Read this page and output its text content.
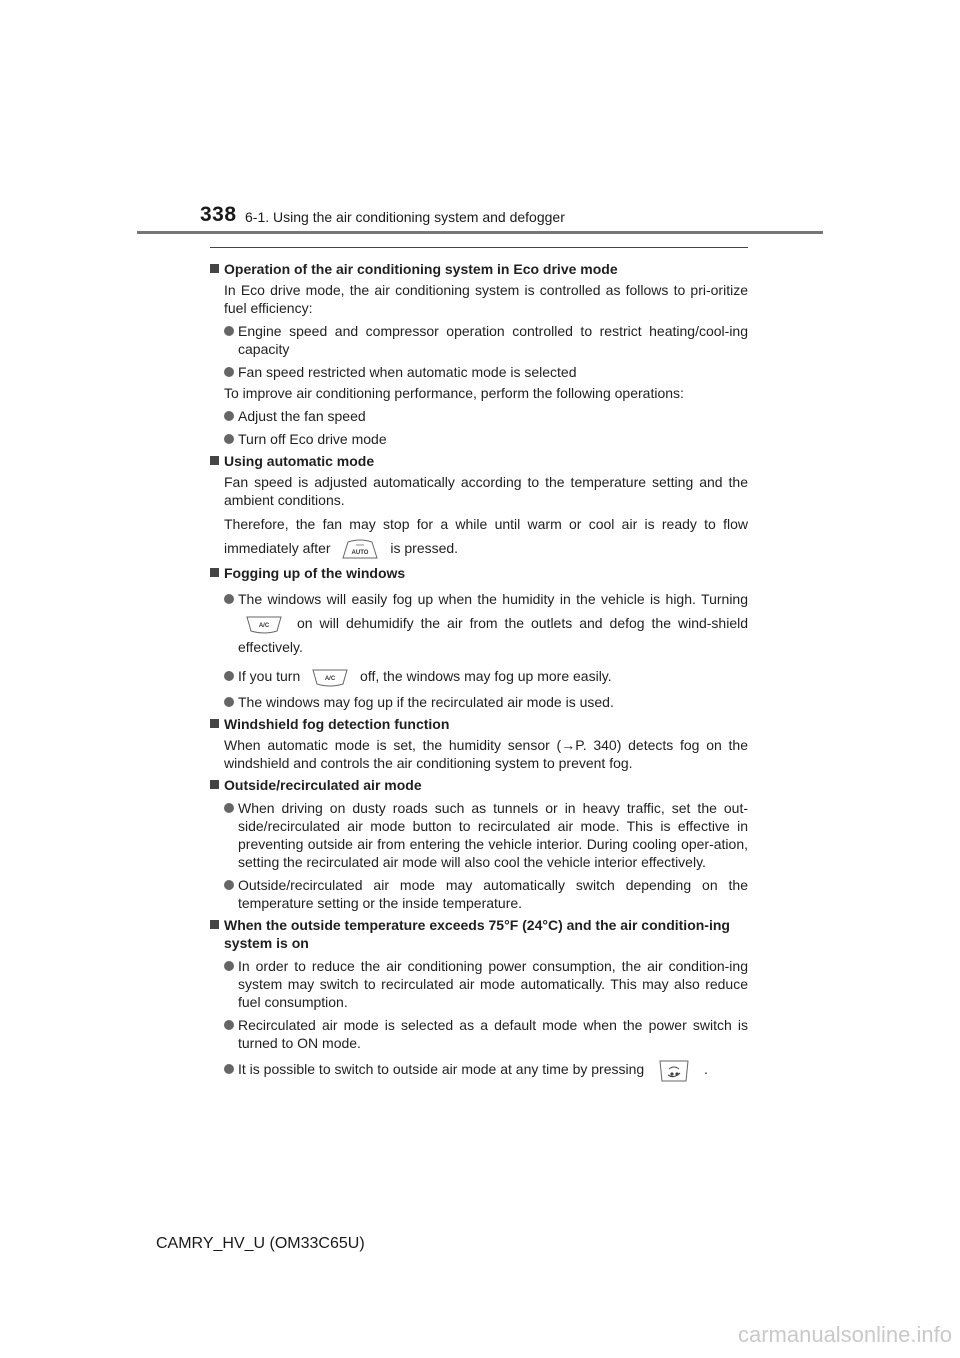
338 6-1. Using the air conditioning system and defogger
Operation of the air conditioning system in Eco drive mode
In Eco drive mode, the air conditioning system is controlled as follows to pri-oritize fuel efficiency:
Engine speed and compressor operation controlled to restrict heating/cool-ing capacity
Fan speed restricted when automatic mode is selected
To improve air conditioning performance, perform the following operations:
Adjust the fan speed
Turn off Eco drive mode
Using automatic mode
Fan speed is adjusted automatically according to the temperature setting and the ambient conditions.
Therefore, the fan may stop for a while until warm or cool air is ready to flow immediately after	AUTO is pressed.
Fogging up of the windows
The windows will easily fog up when the humidity in the vehicle is high. Turning
A/C on will dehumidify the air from the outlets and defog the wind-shield effectively.
If you turn	A/C off, the windows may fog up more easily.
The windows may fog up if the recirculated air mode is used.
Windshield fog detection function
When automatic mode is set, the humidity sensor (→P. 340) detects fog on the windshield and controls the air conditioning system to prevent fog.
Outside/recirculated air mode
When driving on dusty roads such as tunnels or in heavy traffic, set the out-side/recirculated air mode button to recirculated air mode. This is effective in preventing outside air from entering the vehicle interior. During cooling oper-ation, setting the recirculated air mode will also cool the vehicle interior effectively.
Outside/recirculated air mode may automatically switch depending on the temperature setting or the inside temperature.
When the outside temperature exceeds 75°F (24°C) and the air condition-ing system is on
In order to reduce the air conditioning power consumption, the air condition-ing system may switch to recirculated air mode automatically. This may also reduce fuel consumption.
Recirculated air mode is selected as a default mode when the power switch is turned to ON mode.
It is possible to switch to outside air mode at any time by pressing	.
CAMRY_HV_U (OM33C65U)
carmanualsonline.info
